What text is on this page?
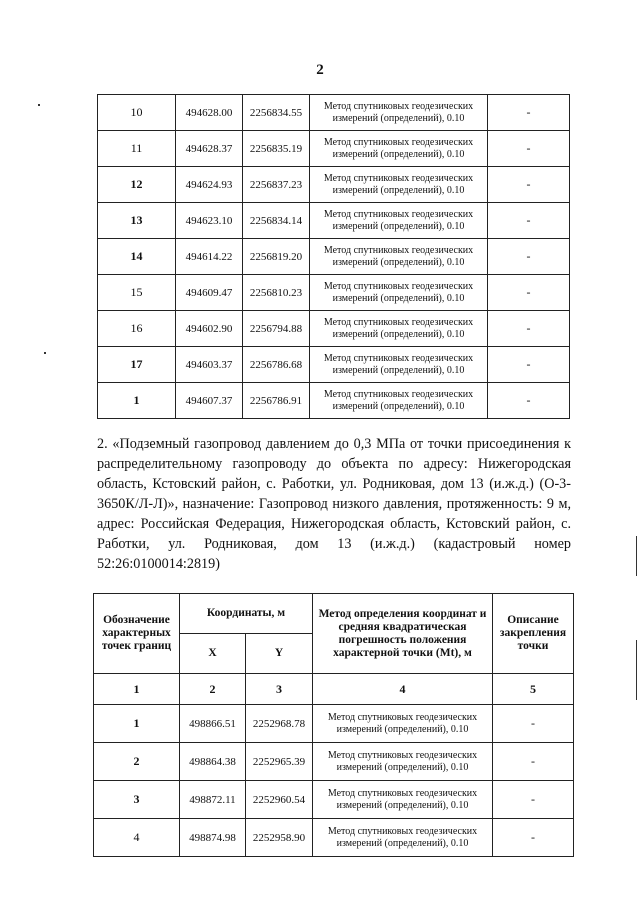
2
10	494628.00	2256834.55	Метод спутниковых геодезических измерений (определений), 0.10	-
11	494628.37	2256835.19	Метод спутниковых геодезических измерений (определений), 0.10	-
12	494624.93	2256837.23	Метод спутниковых геодезических измерений (определений), 0.10	-
13	494623.10	2256834.14	Метод спутниковых геодезических измерений (определений), 0.10	-
14	494614.22	2256819.20	Метод спутниковых геодезических измерений (определений), 0.10	-
15	494609.47	2256810.23	Метод спутниковых геодезических измерений (определений), 0.10	-
16	494602.90	2256794.88	Метод спутниковых геодезических измерений (определений), 0.10	-
17	494603.37	2256786.68	Метод спутниковых геодезических измерений (определений), 0.10	-
1	494607.37	2256786.91	Метод спутниковых геодезических измерений (определений), 0.10	-
2. «Подземный газопровод давлением до 0,3 МПа от точки присоединения к распределительному газопроводу до объекта по адресу: Нижегородская область, Кстовский район, с. Работки, ул. Родниковая, дом 13 (и.ж.д.) (О-3-3650К/Л-Л)», назначение: Газопровод низкого давления, протяженность: 9 м, адрес: Российская Федерация, Нижегородская область, Кстовский район, с. Работки, ул. Родниковая, дом 13 (и.ж.д.) (кадастровый номер 52:26:0100014:2819)
Обозначение характерных точек границ	Координаты, м		Метод определения координат и средняя квадратическая погрешность положения характерной точки (Mt), м	Описание закрепления точки
	X	Y		
1	2	3	4	5
1	498866.51	2252968.78	Метод спутниковых геодезических измерений (определений), 0.10	-
2	498864.38	2252965.39	Метод спутниковых геодезических измерений (определений), 0.10	-
3	498872.11	2252960.54	Метод спутниковых геодезических измерений (определений), 0.10	-
4	498874.98	2252958.90	Метод спутниковых геодезических измерений (определений), 0.10	-
